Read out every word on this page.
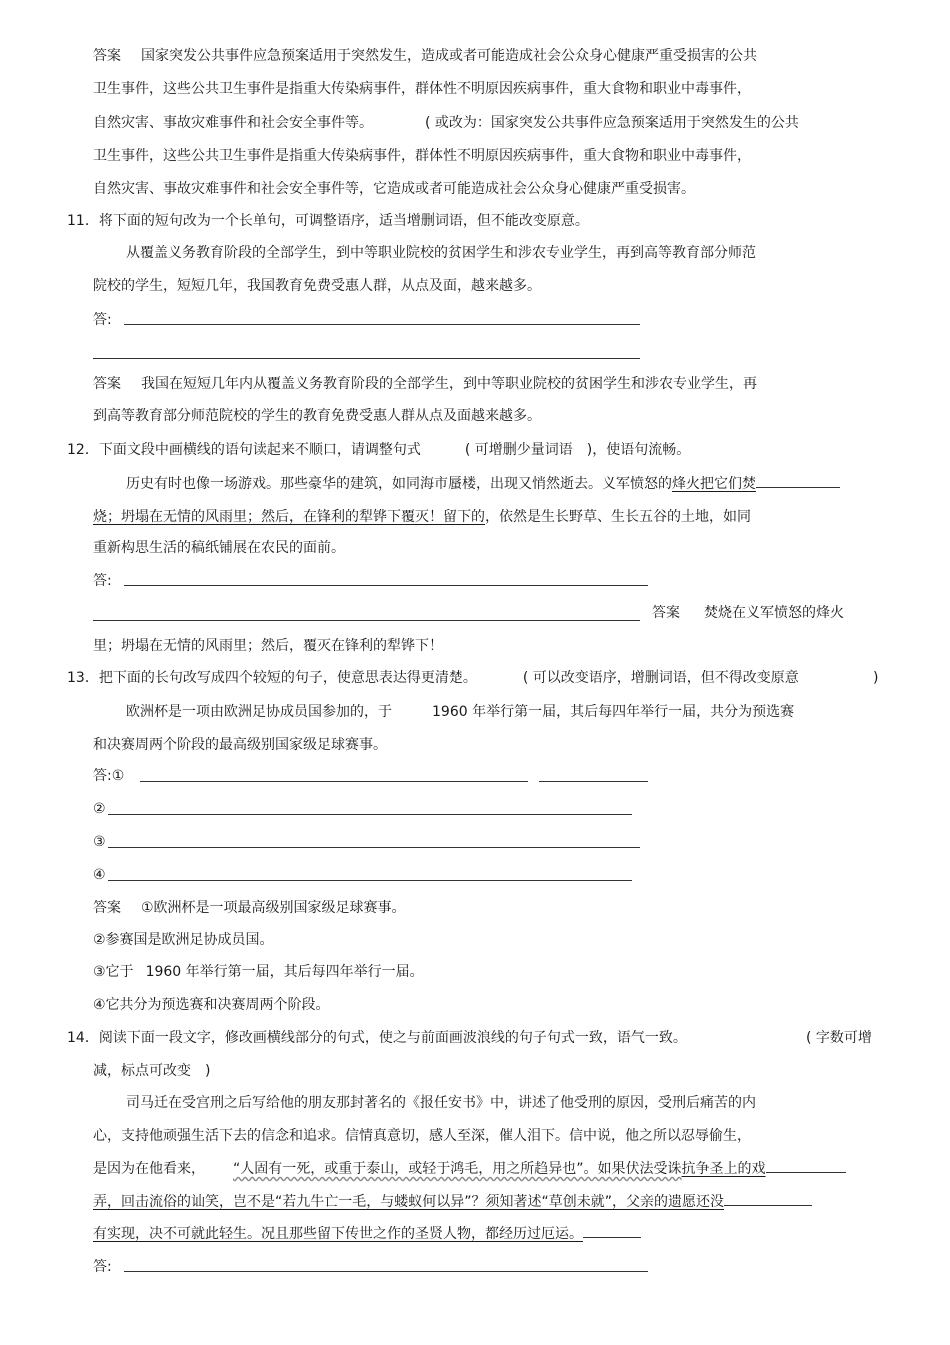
答案 国家突发公共事件应急预案适用于突然发生，造成或者可能造成社会公众身心健康严重受损害的公共
卫生事件，这些公共卫生事件是指重大传染病事件，群体性不明原因疾病事件，重大食物和职业中毒事件，
自然灾害、事故灾难事件和社会安全事件等。	( 或改为：国家突发公共事件应急预案适用于突然发生的公共
卫生事件，这些公共卫生事件是指重大传染病事件，群体性不明原因疾病事件，重大食物和职业中毒事件，
自然灾害、事故灾难事件和社会安全事件等，它造成或者可能造成社会公众身心健康严重受损害。
11．将下面的短句改为一个长单句，可调整语序，适当增删词语，但不能改变原意。
从覆盖义务教育阶段的全部学生，到中等职业院校的贫困学生和涉农专业学生，再到高等教育部分师范
院校的学生，短短几年，我国教育免费受惠人群，从点及面，越来越多。
答:
答案 我国在短短几年内从覆盖义务教育阶段的全部学生，到中等职业院校的贫困学生和涉农专业学生，再
到高等教育部分师范院校的学生的教育免费受惠人群从点及面越来越多。
12．下面文段中画横线的语句读起来不顺口，请调整句式	( 可增删少量词语 )，使语句流畅。
历史有时也像一场游戏。那些豪华的建筑，如同海市蜃楼，出现又悄然逝去。义军愤怒的烽火把它们焚
烧；坍塌在无情的风雨里；然后，在锋利的犁铧下覆灭！留下的，依然是生长野草、生长五谷的土地，如同
重新构思生活的稿纸铺展在农民的面前。
答:
答案 焚烧在义军愤怒的烽火
里；坍塌在无情的风雨里；然后，覆灭在锋利的犁铧下！
13．把下面的长句改写成四个较短的句子，使意思表达得更清楚。	( 可以改变语序，增删词语，但不得改变原意	)
欧洲杯是一项由欧洲足协成员国参加的，于	1960 年举行第一届，其后每四年举行一届，共分为预选赛
和决赛周两个阶段的最高级别国家级足球赛事。
答:①
②
③
④
答案 ①欧洲杯是一项最高级别国家级足球赛事。
②参赛国是欧洲足协成员国。
③它于 1960 年举行第一届，其后每四年举行一届。
④它共分为预选赛和决赛周两个阶段。
14．阅读下面一段文字，修改画横线部分的句式，使之与前面画波浪线的句子句式一致，语气一致。	( 字数可增
减，标点可改变 )
司马迁在受宫刑之后写给他的朋友那封著名的《报任安书》中，讲述了他受刑的原因，受刑后痛苦的内
心，支持他顽强生活下去的信念和追求。信情真意切，感人至深，催人泪下。信中说，他之所以忍辱偷生，
是因为在他看来， “人固有一死，或重于泰山，或轻于鸿毛，用之所趋异也”。如果伏法受诛抗争圣上的戏
弄，回击流俗的讪笑，岂不是“若九牛亡一毛，与蝼蚁何以异”？须知著述“草创未就”，父亲的遗愿还没
有实现，决不可就此轻生。况且那些留下传世之作的圣贤人物，都经历过厄运。
答:
